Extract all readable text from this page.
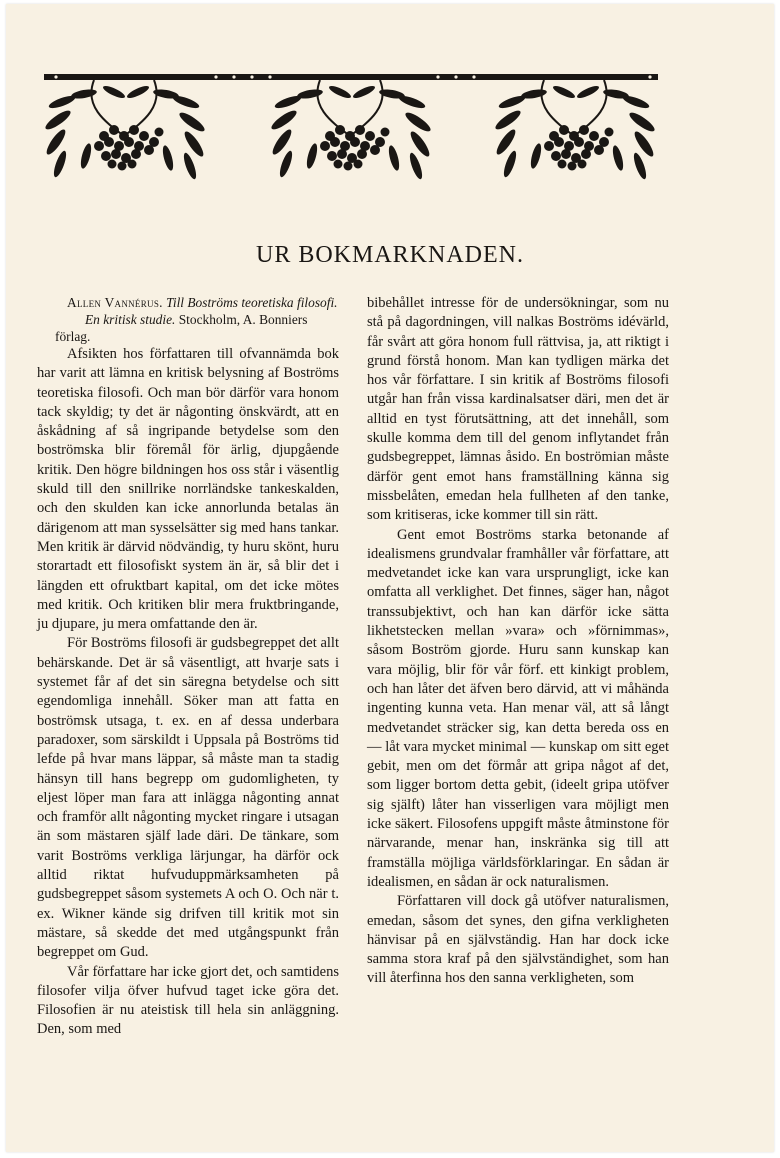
UR BOKMARKNADEN.

Allen Vannérus. Till Boströms teoretiska filosofi.
En kritisk studie. Stockholm, A. Bonniers förlag.

Afsikten hos författaren till ofvannämda bok har varit att lämna en kritisk belysning af Boströms teoretiska filosofi. Och man bör därför vara honom tack skyldig; ty det är någonting önskvärdt, att en åskådning af så ingripande betydelse som den boströmska blir föremål för ärlig, djupgående kritik. Den högre bildningen hos oss står i väsentlig skuld till den snillrike norrländske tankeskalden, och den skulden kan icke annorlunda betalas än därigenom att man sysselsätter sig med hans tankar. Men kritik är därvid nödvändig, ty huru skönt, huru storartadt ett filosofiskt system än är, så blir det i längden ett ofruktbart kapital, om det icke mötes med kritik. Och kritiken blir mera fruktbringande, ju djupare, ju mera omfattande den är.

För Boströms filosofi är gudsbegreppet det allt behärskande. Det är så väsentligt, att hvarje sats i systemet får af det sin säregna betydelse och sitt egendomliga innehåll. Söker man att fatta en boströmsk utsaga, t. ex. en af dessa underbara paradoxer, som särskildt i Uppsala på Boströms tid lefde på hvar mans läppar, så måste man ta stadig hänsyn till hans begrepp om gudomligheten, ty eljest löper man fara att inlägga någonting annat och framför allt någonting mycket ringare i utsagan än som mästaren själf lade däri. De tänkare, som varit Boströms verkliga lärjungar, ha därför ock alltid riktat hufvuduppmärksamheten på gudsbegreppet såsom systemets A och O. Och när t. ex. Wikner kände sig drifven till kritik mot sin mästare, så skedde det med utgångspunkt från begreppet om Gud.

Vår författare har icke gjort det, och samtidens filosofer vilja öfver hufvud taget icke göra det. Filosofien är nu ateistisk till hela sin anläggning. Den, som med

bibehållet intresse för de undersökningar, som nu stå på dagordningen, vill nalkas Boströms idévärld, får svårt att göra honom full rättvisa, ja, att riktigt i grund förstå honom. Man kan tydligen märka det hos vår författare. I sin kritik af Boströms filosofi utgår han från vissa kardinalsatser däri, men det är alltid en tyst förutsättning, att det innehåll, som skulle komma dem till del genom inflytandet från gudsbegreppet, lämnas åsido. En boströmian måste därför gent emot hans framställning känna sig missbelåten, emedan hela fullheten af den tanke, som kritiseras, icke kommer till sin rätt.

Gent emot Boströms starka betonande af idealismens grundvalar framhåller vår författare, att medvetandet icke kan vara ursprungligt, icke kan omfatta all verklighet. Det finnes, säger han, något transsubjektivt, och han kan därför icke sätta likhetstecken mellan »vara» och »förnimmas», såsom Boström gjorde. Huru sann kunskap kan vara möjlig, blir för vår förf. ett kinkigt problem, och han låter det äfven bero därvid, att vi måhända ingenting kunna veta. Han menar väl, att så långt medvetandet sträcker sig, kan detta bereda oss en — låt vara mycket minimal — kunskap om sitt eget gebit, men om det förmår att gripa något af det, som ligger bortom detta gebit, (ideelt gripa utöfver sig själft) låter han visserligen vara möjligt men icke säkert. Filosofens uppgift måste åtminstone för närvarande, menar han, inskränka sig till att framställa möjliga världsförklaringar. En sådan är idealismen, en sådan är ock naturalismen.

Författaren vill dock gå utöfver naturalismen, emedan, såsom det synes, den gifna verkligheten hänvisar på en självständig. Han har dock icke samma stora kraf på den självständighet, som han vill återfinna hos den sanna verkligheten, som
